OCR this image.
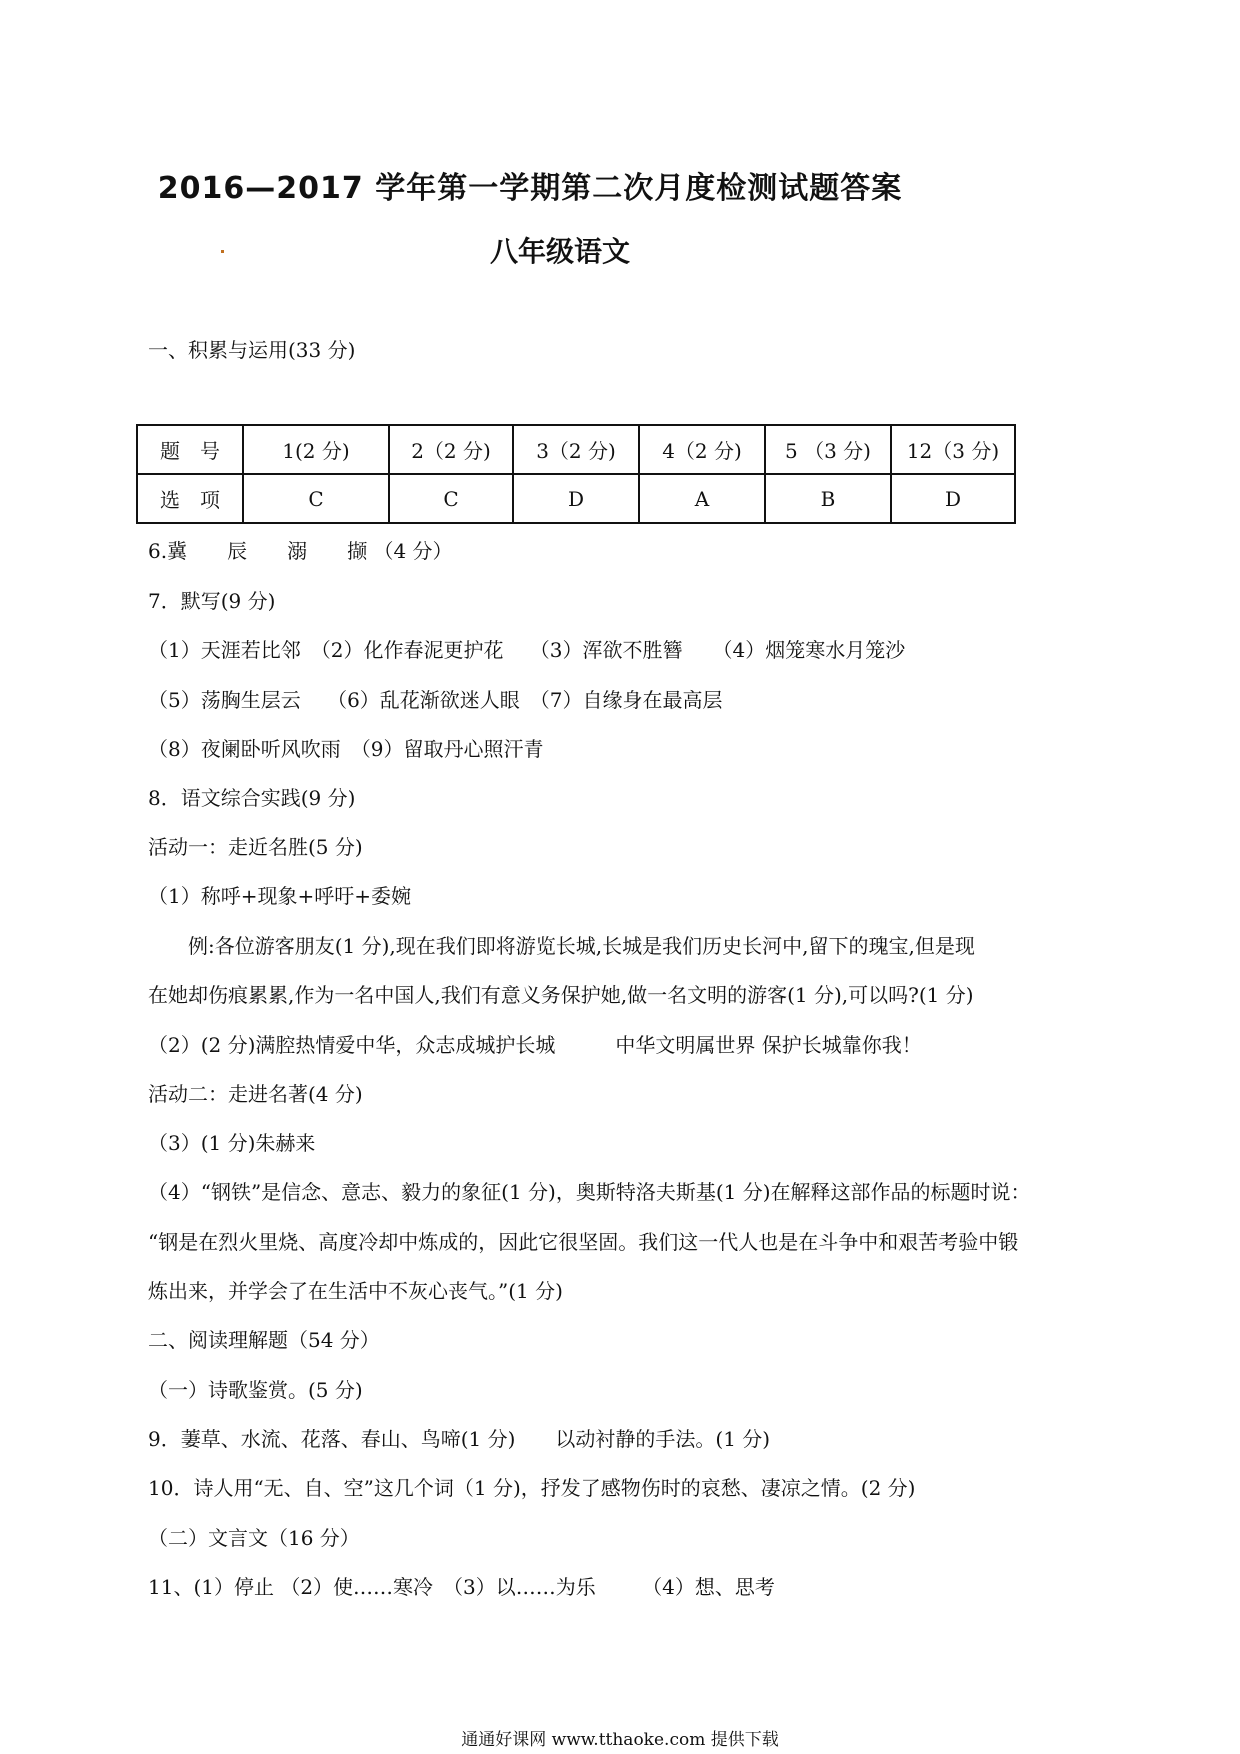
2016—2017 学年第一学期第二次月度检测试题答案
八年级语文
一、积累与运用(33 分)
题　号	1(2 分)	2（2 分)	3（2 分)	4（2 分)	5 （3 分)	12（3 分)
选　项	C	C	D	A	B	D
6.冀　　辰　　溺　　撷 （4 分）
7．默写(9 分)
（1）天涯若比邻　（2）化作春泥更护花　 （3）浑欲不胜簪　　（4）烟笼寒水月笼沙
（5）荡胸生层云　 （6）乱花渐欲迷人眼　（7）自缘身在最高层
（8）夜阑卧听风吹雨　（9）留取丹心照汗青
8．语文综合实践(9 分)
活动一：走近名胜(5 分)
（1）称呼+现象+呼吁+委婉
　　例:各位游客朋友(1 分),现在我们即将游览长城,长城是我们历史长河中,留下的瑰宝,但是现
在她却伤痕累累,作为一名中国人,我们有意义务保护她,做一名文明的游客(1 分),可以吗?(1 分)
（2）(2 分)满腔热情爱中华，众志成城护长城　　　中华文明属世界 保护长城靠你我！
活动二：走进名著(4 分)
（3）(1 分)朱赫来
（4）“钢铁”是信念、意志、毅力的象征(1 分)，奥斯特洛夫斯基(1 分)在解释这部作品的标题时说：
“钢是在烈火里烧、高度冷却中炼成的，因此它很坚固。我们这一代人也是在斗争中和艰苦考验中锻
炼出来，并学会了在生活中不灰心丧气。”(1 分)
二、阅读理解题（54 分）
（一）诗歌鉴赏。(5 分)
9．萋草、水流、花落、春山、鸟啼(1 分)　　以动衬静的手法。(1 分)
10．诗人用“无、自、空”这几个词（1 分)，抒发了感物伤时的哀愁、凄凉之情。(2 分)
（二）文言文（16 分）
11、(1）停止 （2）使……寒冷　（3）以……为乐　　 （4）想、思考
通通好课网 www.tthaoke.com 提供下载
